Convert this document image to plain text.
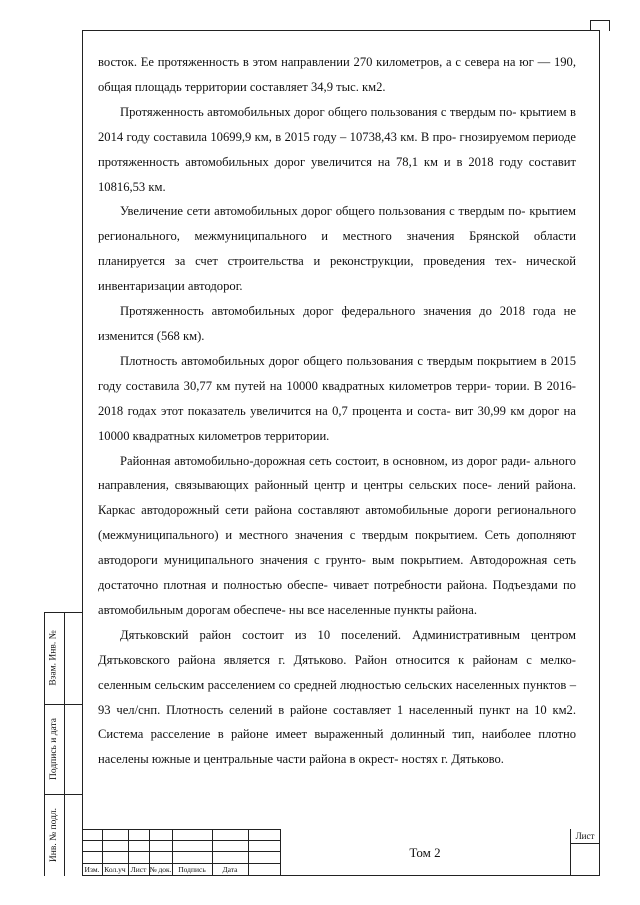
восток. Ее протяженность в этом направлении 270 километров, а с севера на юг — 190, общая площадь территории составляет 34,9 тыс. км2.

Протяженность автомобильных дорог общего пользования с твердым по- крытием в 2014 году составила 10699,9 км, в 2015 году – 10738,43 км. В про- гнозируемом периоде протяженность автомобильных дорог увеличится на 78,1 км и в 2018 году составит 10816,53 км.

Увеличение сети автомобильных дорог общего пользования с твердым по- крытием регионального, межмуниципального и местного значения Брянской области планируется за счет строительства и реконструкции, проведения тех- нической инвентаризации автодорог.

Протяженность автомобильных дорог федерального значения до 2018 года не изменится (568 км).

Плотность автомобильных дорог общего пользования с твердым покрытием в 2015 году составила 30,77 км путей на 10000 квадратных километров терри- тории. В 2016-2018 годах этот показатель увеличится на 0,7 процента и соста- вит 30,99 км дорог на 10000 квадратных километров территории.

Районная автомобильно-дорожная сеть состоит, в основном, из дорог ради- ального направления, связывающих районный центр и центры сельских посе- лений района. Каркас автодорожный сети района составляют автомобильные дороги регионального (межмуниципального) и местного значения с твердым покрытием. Сеть дополняют автодороги муниципального значения с грунто- вым покрытием. Автодорожная сеть достаточно плотная и полностью обеспе- чивает потребности района. Подъездами по автомобильным дорогам обеспече- ны все населенные пункты района.

Дятьковский район состоит из 10 поселений. Административным центром Дятьковского района является г. Дятьково. Район относится к районам с мелко- селенным сельским расселением со средней людностью сельских населенных пунктов – 93 чел/снп. Плотность селений в районе составляет 1 населенный пункт на 10 км2. Система расселение в районе имеет выраженный долинный тип, наиболее плотно населены южные и центральные части района в окрест- ностях г. Дятьково.

Взам. Инв. №
Подпись и дата
Инв. № подл.
Изм. Кол.уч Лист № док. Подпись	Дата
Том 2
Лист
